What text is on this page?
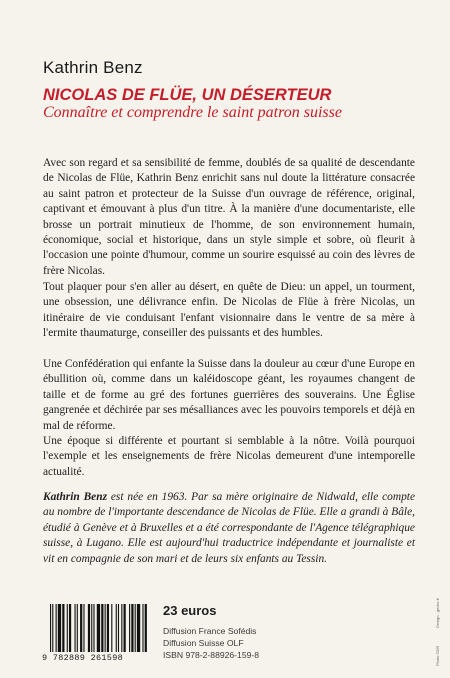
Kathrin Benz
NICOLAS DE FLÜE, UN DÉSERTEUR
Connaître et comprendre le saint patron suisse

Avec son regard et sa sensibilité de femme, doublés de sa qualité de descendante de Nicolas de Flüe, Kathrin Benz enrichit sans nul doute la littérature consacrée au saint patron et protecteur de la Suisse d'un ouvrage de référence, original, captivant et émouvant à plus d'un titre. À la manière d'une documentariste, elle brosse un portrait minutieux de l'homme, de son environnement humain, économique, social et historique, dans un style simple et sobre, où fleurit à l'occasion une pointe d'humour, comme un sourire esquissé au coin des lèvres de frère Nicolas.

Tout plaquer pour s'en aller au désert, en quête de Dieu: un appel, un tourment, une obsession, une délivrance enfin. De Nicolas de Flüe à frère Nicolas, un itinéraire de vie conduisant l'enfant visionnaire dans le ventre de sa mère à l'ermite thaumaturge, conseiller des puissants et des humbles.

Une Confédération qui enfante la Suisse dans la douleur au cœur d'une Europe en ébullition où, comme dans un kaléidoscope géant, les royaumes changent de taille et de forme au gré des fortunes guerrières des souverains. Une Église gangrenée et déchirée par ses mésalliances avec les pouvoirs temporels et déjà en mal de réforme.

Une époque si différente et pourtant si semblable à la nôtre. Voilà pourquoi l'exemple et les enseignements de frère Nicolas demeurent d'une intemporelle actualité.

Kathrin Benz est née en 1963. Par sa mère originaire de Nidwald, elle compte au nombre de l'importante descendance de Nicolas de Flüe. Elle a grandi à Bâle, étudié à Genève et à Bruxelles et a été correspondante de l'Agence télégraphique suisse, à Lugano. Elle est aujourd'hui traductrice indépendante et journaliste et vit en compagnie de son mari et de leurs six enfants au Tessin.

9 782889 261598
23 euros
Diffusion France Sofédis
Diffusion Suisse OLF
ISBN 978-2-88926-159-8	Photo ©DR
Design : gecko.fr
